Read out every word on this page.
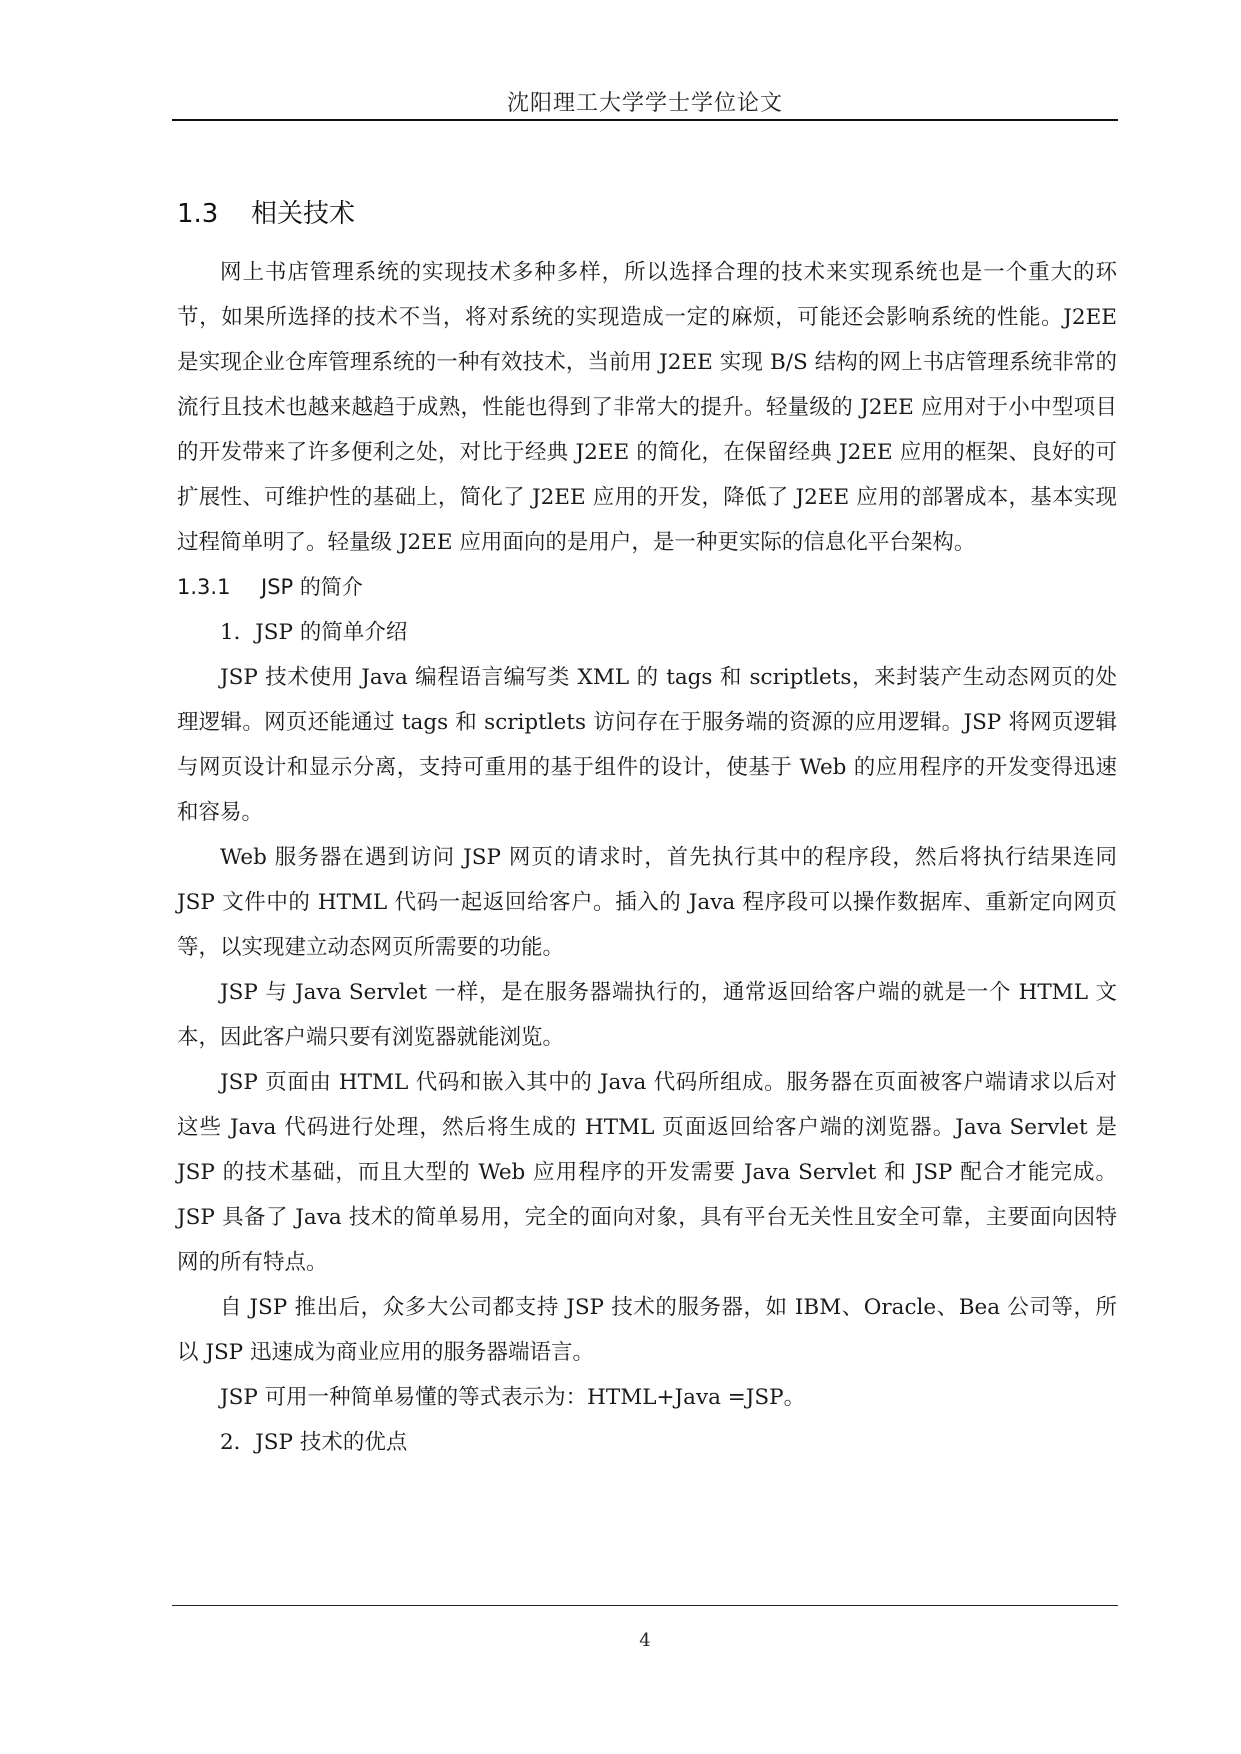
沈阳理工大学学士学位论文
1.3 相关技术

网上书店管理系统的实现技术多种多样，所以选择合理的技术来实现系统也是一个重大的环节，如果所选择的技术不当，将对系统的实现造成一定的麻烦，可能还会影响系统的性能。J2EE 是实现企业仓库管理系统的一种有效技术，当前用 J2EE 实现 B/S 结构的网上书店管理系统非常的流行且技术也越来越趋于成熟，性能也得到了非常大的提升。轻量级的 J2EE 应用对于小中型项目的开发带来了许多便利之处，对比于经典 J2EE 的简化，在保留经典 J2EE 应用的框架、良好的可扩展性、可维护性的基础上，简化了 J2EE 应用的开发，降低了 J2EE 应用的部署成本，基本实现过程简单明了。轻量级 J2EE 应用面向的是用户，是一种更实际的信息化平台架构。

1.3.1 JSP 的简介

1．JSP 的简单介绍

JSP 技术使用 Java 编程语言编写类 XML 的 tags 和 scriptlets，来封装产生动态网页的处理逻辑。网页还能通过 tags 和 scriptlets 访问存在于服务端的资源的应用逻辑。JSP 将网页逻辑与网页设计和显示分离，支持可重用的基于组件的设计，使基于 Web 的应用程序的开发变得迅速和容易。

Web 服务器在遇到访问 JSP 网页的请求时，首先执行其中的程序段，然后将执行结果连同 JSP 文件中的 HTML 代码一起返回给客户。插入的 Java 程序段可以操作数据库、重新定向网页等，以实现建立动态网页所需要的功能。

JSP 与 Java Servlet 一样，是在服务器端执行的，通常返回给客户端的就是一个 HTML 文本，因此客户端只要有浏览器就能浏览。

JSP 页面由 HTML 代码和嵌入其中的 Java 代码所组成。服务器在页面被客户端请求以后对这些 Java 代码进行处理，然后将生成的 HTML 页面返回给客户端的浏览器。Java Servlet 是 JSP 的技术基础，而且大型的 Web 应用程序的开发需要 Java Servlet 和 JSP 配合才能完成。JSP 具备了 Java 技术的简单易用，完全的面向对象，具有平台无关性且安全可靠，主要面向因特网的所有特点。

自 JSP 推出后，众多大公司都支持 JSP 技术的服务器，如 IBM、Oracle、Bea 公司等，所以 JSP 迅速成为商业应用的服务器端语言。

JSP 可用一种简单易懂的等式表示为：HTML+Java =JSP。

2．JSP 技术的优点

4
